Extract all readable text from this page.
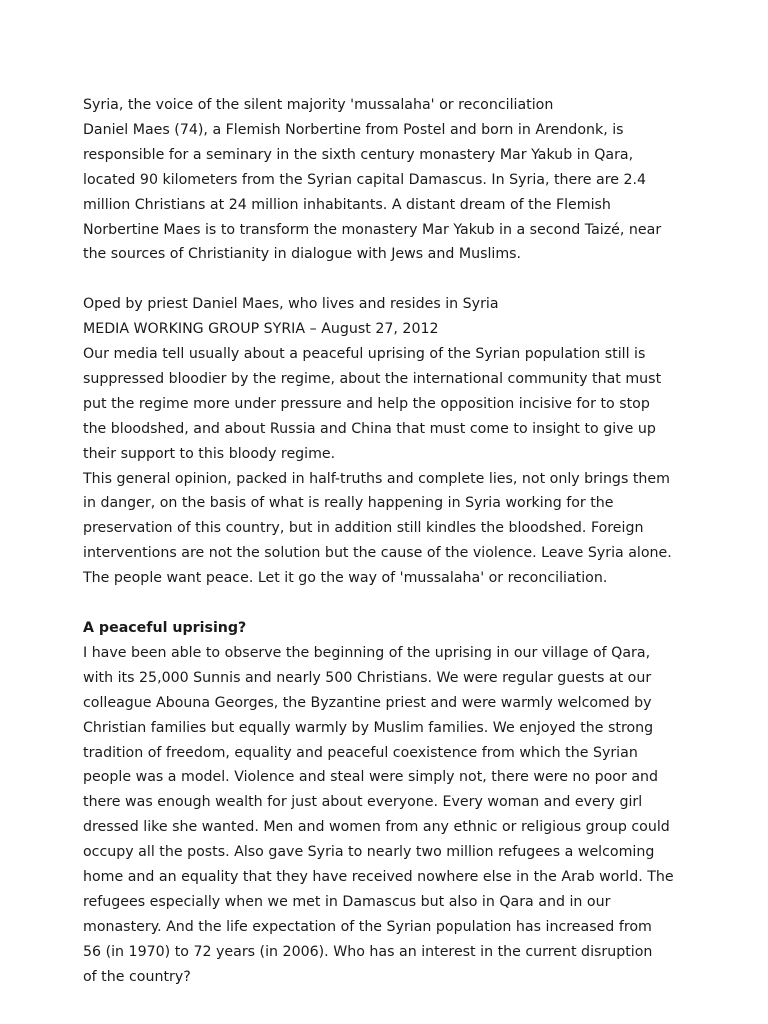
Syria, the voice of the silent majority 'mussalaha' or reconciliation
Daniel Maes (74), a Flemish Norbertine from Postel and born in Arendonk, is
responsible for a seminary in the sixth century monastery Mar Yakub in Qara,
located 90 kilometers from the Syrian capital Damascus. In Syria, there are 2.4
million Christians at 24 million inhabitants. A distant dream of the Flemish
Norbertine Maes is to transform the monastery Mar Yakub in a second Taizé, near
the sources of Christianity in dialogue with Jews and Muslims.
Oped by priest Daniel Maes, who lives and resides in Syria
MEDIA WORKING GROUP SYRIA – August 27, 2012
Our media tell usually about a peaceful uprising of the Syrian population still is
suppressed bloodier by the regime, about the international community that must
put the regime more under pressure and help the opposition incisive for to stop
the bloodshed, and about Russia and China that must come to insight to give up
their support to this bloody regime.
This general opinion, packed in half-truths and complete lies, not only brings them
in danger, on the basis of what is really happening in Syria working for the
preservation of this country, but in addition still kindles the bloodshed. Foreign
interventions are not the solution but the cause of the violence. Leave Syria alone.
The people want peace. Let it go the way of 'mussalaha' or reconciliation.
A peaceful uprising?
I have been able to observe the beginning of the uprising in our village of Qara,
with its 25,000 Sunnis and nearly 500 Christians. We were regular guests at our
colleague Abouna Georges, the Byzantine priest and were warmly welcomed by
Christian families but equally warmly by Muslim families. We enjoyed the strong
tradition of freedom, equality and peaceful coexistence from which the Syrian
people was a model. Violence and steal were simply not, there were no poor and
there was enough wealth for just about everyone. Every woman and every girl
dressed like she wanted. Men and women from any ethnic or religious group could
occupy all the posts. Also gave Syria to nearly two million refugees a welcoming
home and an equality that they have received nowhere else in the Arab world. The
refugees especially when we met in Damascus but also in Qara and in our
monastery. And the life expectation of the Syrian population has increased from
56 (in 1970) to 72 years (in 2006). Who has an interest in the current disruption
of the country?
